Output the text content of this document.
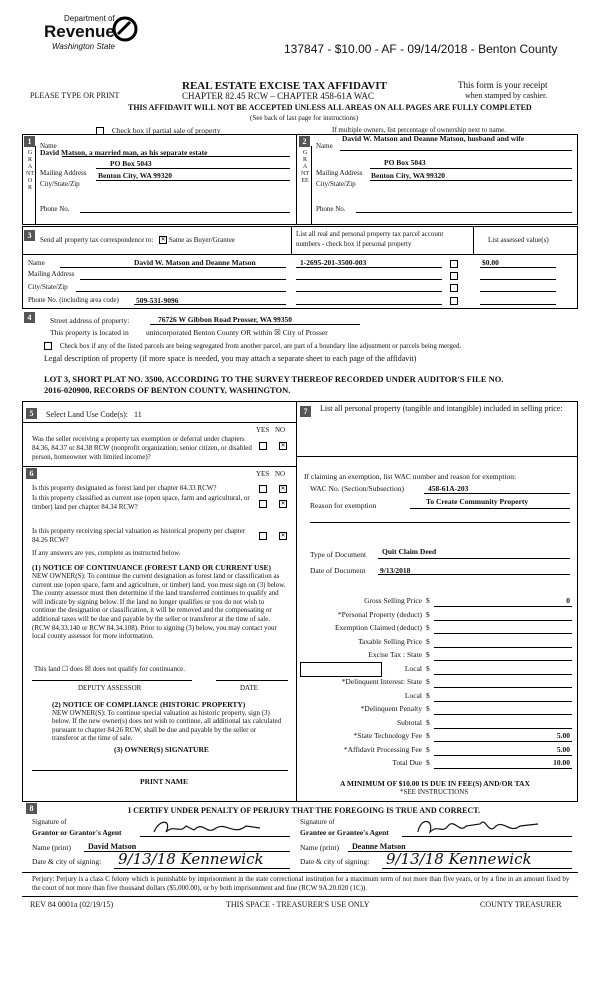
Department of
Revenue
Washington State	137847 - $10.00 - AF - 09/14/2018 - Benton County
REAL ESTATE EXCISE TAX AFFIDAVIT
CHAPTER 82.45 RCW – CHAPTER 458-61A WAC
PLEASE TYPE OR PRINT
This form is your receipt
when stamped by cashier.
THIS AFFIDAVIT WILL NOT BE ACCEPTED UNLESS ALL AREAS ON ALL PAGES ARE FULLY COMPLETED
(See back of last page for instructions)
Check box if partial sale of property	If multiple owners, list percentage of ownership next to name.
1
GRANTOR
Name
David Matson, a married man, as his separate estate
PO Box 5043
Mailing Address Benton City, WA 99320
City/State/Zip
Phone No.
2
GRANTEE
Name
David W. Matson and Deanne Matson, husband and wife
PO Box 5043
Mailing Address Benton City, WA 99320
City/State/Zip
Phone No.
3	Send all property tax correspondence to: ✕ Same as Buyer/Grantee
List all real and personal property tax parcel account
numbers - check box if personal property	List assessed value(s)
Name	David W. Matson and Deanne Matson	1-2695-201-3500-003	$0.00
Mailing Address
City/State/Zip
Phone No. (including area code) 509-531-9096
4	Street address of property:	76726 W Gibbon Road Prosser, WA 99350
This property is located in unincorporated Benton County OR within ☒ City of Prosser
Check box if any of the listed parcels are being segregated from another parcel, are part of a boundary line adjustment or parcels being merged.
Legal description of property (if more space is needed, you may attach a separate sheet to each page of the affidavit)
LOT 3, SHORT PLAT NO. 3500, ACCORDING TO THE SURVEY THEREOF RECORDED UNDER AUDITOR'S FILE NO.
2016-020900, RECORDS OF BENTON COUNTY, WASHINGTON.
5	Select Land Use Code(s): 11
YES NO
Was the seller receiving a property tax exemption or deferral under chapters 84.36, 84.37 or 84.38 RCW (nonprofit organization, senior citizen, or disabled person, homeowner with limited income)?
✕
6	YES NO
Is this property designated as forest land per chapter 84.33 RCW?	✕
Is this property classified as current use (open space, farm and agricultural, or timber) land per chapter 84.34 RCW?	✕
Is this property receiving special valuation as historical property per chapter 84.26 RCW?	✕
If any answers are yes, complete as instructed below.
(1) NOTICE OF CONTINUANCE (FOREST LAND OR CURRENT USE)
NEW OWNER(S): To continue the current designation as forest land or classification as current use (open space, farm and agriculture, or timber) land, you must sign on (3) below. The county assessor must then determine if the land transferred continues to qualify and will indicate by signing below. If the land no longer qualifies or you do not wish to continue the designation or classification, it will be removed and the compensating or additional taxes will be due and payable by the seller or transferor at the time of sale. (RCW 84.33.140 or RCW 84.34.108). Prior to signing (3) below, you may contact your local county assessor for more information.
This land ☐ does ☒ does not qualify for continuance.
DEPUTY ASSESSOR	DATE
(2) NOTICE OF COMPLIANCE (HISTORIC PROPERTY)
NEW OWNER(S): To continue special valuation as historic property, sign (3) below. If the new owner(s) does not wish to continue, all additional tax calculated pursuant to chapter 84.26 RCW, shall be due and payable by the seller or transferor at the time of sale.
(3) OWNER(S) SIGNATURE
PRINT NAME
7	List all personal property (tangible and intangible) included in selling price:
If claiming an exemption, list WAC number and reason for exemption:
WAC No. (Section/Subsection)	458-61A-203
Reason for exemption	To Create Community Property
Type of Document Quit Claim Deed
Date of Document 9/13/2018
Gross Selling Price $	0
*Personal Property (deduct) $
Exemption Claimed (deduct) $
Taxable Selling Price $
Excise Tax : State $
Local $
*Delinquent Interest: State $
Local $
*Delinquent Penalty $
Subtotal $
*State Technology Fee $	5.00
*Affidavit Processing Fee $	5.00
Total Due $	10.00
A MINIMUM OF $10.00 IS DUE IN FEE(S) AND/OR TAX
*SEE INSTRUCTIONS
8	I CERTIFY UNDER PENALTY OF PERJURY THAT THE FOREGOING IS TRUE AND CORRECT.
Signature of
Grantor or Grantor's Agent
Signature of
Grantee or Grantee's Agent
Name (print) David Matson	Name (print) Deanne Matson
Date & city of signing: 9/13/18 Kennewick	Date & city of signing: 9/13/18 Kennewick
Perjury: Perjury is a class C felony which is punishable by imprisonment in the state correctional institution for a maximum term of not more than five years, or by a fine in an amount fixed by the court of not more than five thousand dollars ($5,000.00), or by both imprisonment and fine (RCW 9A.20.020 (1C)).
REV 84 0001a (02/19/15)	THIS SPACE - TREASURER'S USE ONLY	COUNTY TREASURER
